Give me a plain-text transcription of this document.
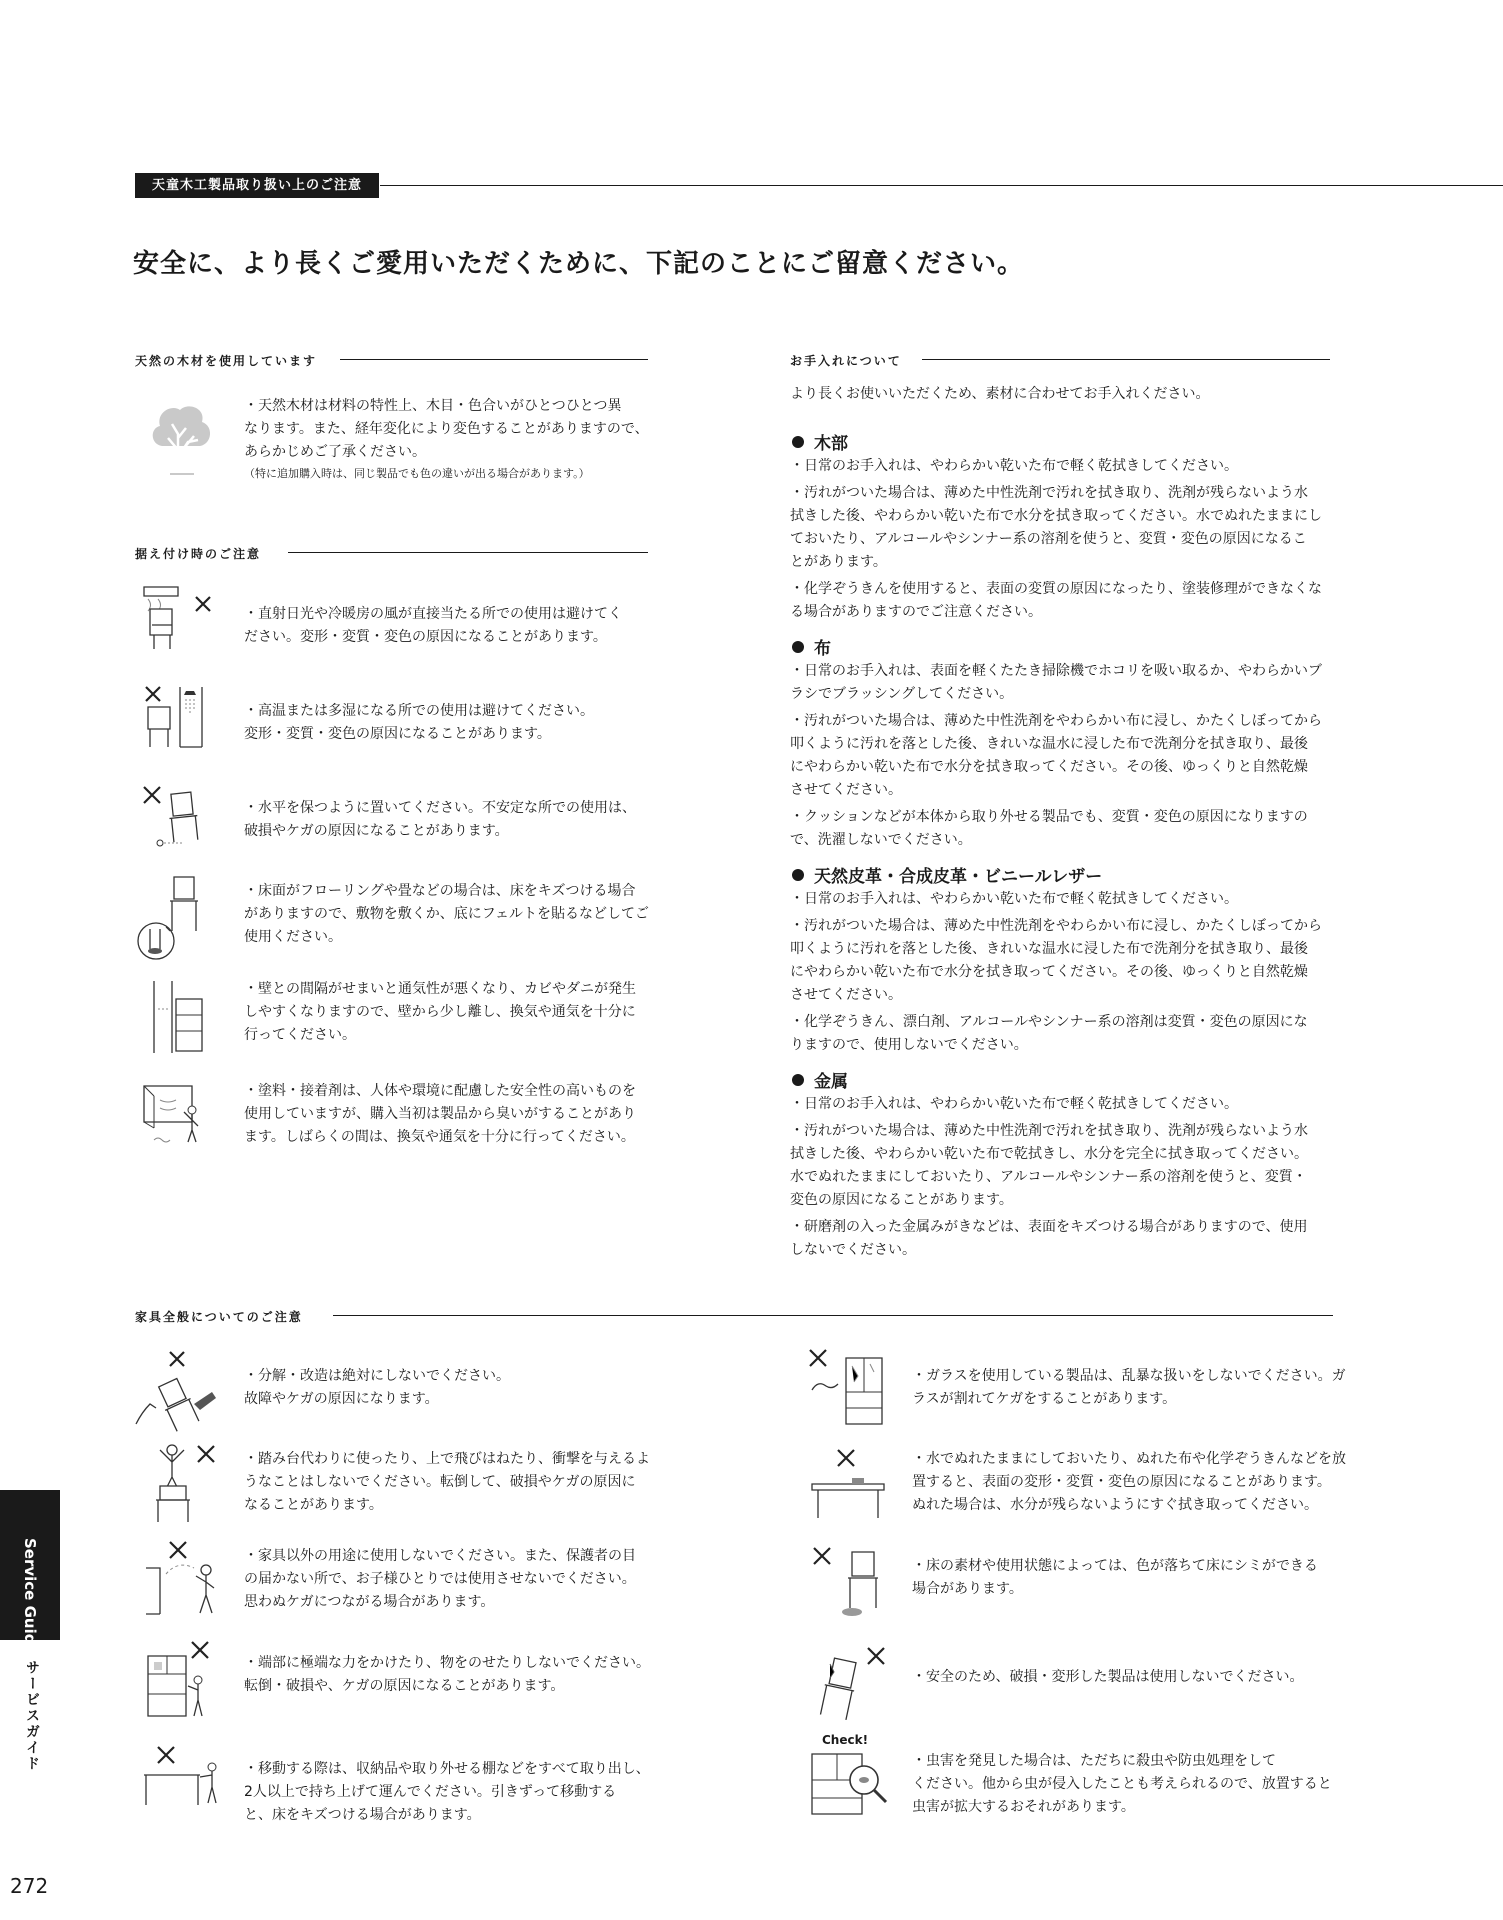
天童木工製品取り扱い上のご注意
安全に、より長くご愛用いただくために、下記のことにご留意ください。
天然の木材を使用しています
・天然木材は材料の特性上、木目・色合いがひとつひとつ異
なります。また、経年変化により変色することがありますので、
あらかじめご了承ください。
（特に追加購入時は、同じ製品でも色の違いが出る場合があります。）
据え付け時のご注意
・直射日光や冷暖房の風が直接当たる所での使用は避けてく
ださい。変形・変質・変色の原因になることがあります。
・高温または多湿になる所での使用は避けてください。
変形・変質・変色の原因になることがあります。
・水平を保つように置いてください。不安定な所での使用は、
破損やケガの原因になることがあります。
・床面がフローリングや畳などの場合は、床をキズつける場合
がありますので、敷物を敷くか、底にフェルトを貼るなどしてご
使用ください。
・壁との間隔がせまいと通気性が悪くなり、カビやダニが発生
しやすくなりますので、壁から少し離し、換気や通気を十分に
行ってください。
・塗料・接着剤は、人体や環境に配慮した安全性の高いものを
使用していますが、購入当初は製品から臭いがすることがあり
ます。しばらくの間は、換気や通気を十分に行ってください。
お手入れについて
より長くお使いいただくため、素材に合わせてお手入れください。
木部
・日常のお手入れは、やわらかい乾いた布で軽く乾拭きしてください。
・汚れがついた場合は、薄めた中性洗剤で汚れを拭き取り、洗剤が残らないよう水
拭きした後、やわらかい乾いた布で水分を拭き取ってください。水でぬれたままにし
ておいたり、アルコールやシンナー系の溶剤を使うと、変質・変色の原因になるこ
とがあります。
・化学ぞうきんを使用すると、表面の変質の原因になったり、塗装修理ができなくな
る場合がありますのでご注意ください。
布
・日常のお手入れは、表面を軽くたたき掃除機でホコリを吸い取るか、やわらかいブ
ラシでブラッシングしてください。
・汚れがついた場合は、薄めた中性洗剤をやわらかい布に浸し、かたくしぼってから
叩くように汚れを落とした後、きれいな温水に浸した布で洗剤分を拭き取り、最後
にやわらかい乾いた布で水分を拭き取ってください。その後、ゆっくりと自然乾燥
させてください。
・クッションなどが本体から取り外せる製品でも、変質・変色の原因になりますの
で、洗濯しないでください。
天然皮革・合成皮革・ビニールレザー
・日常のお手入れは、やわらかい乾いた布で軽く乾拭きしてください。
・汚れがついた場合は、薄めた中性洗剤をやわらかい布に浸し、かたくしぼってから
叩くように汚れを落とした後、きれいな温水に浸した布で洗剤分を拭き取り、最後
にやわらかい乾いた布で水分を拭き取ってください。その後、ゆっくりと自然乾燥
させてください。
・化学ぞうきん、漂白剤、アルコールやシンナー系の溶剤は変質・変色の原因にな
りますので、使用しないでください。
金属
・日常のお手入れは、やわらかい乾いた布で軽く乾拭きしてください。
・汚れがついた場合は、薄めた中性洗剤で汚れを拭き取り、洗剤が残らないよう水
拭きした後、やわらかい乾いた布で乾拭きし、水分を完全に拭き取ってください。
水でぬれたままにしておいたり、アルコールやシンナー系の溶剤を使うと、変質・
変色の原因になることがあります。
・研磨剤の入った金属みがきなどは、表面をキズつける場合がありますので、使用
しないでください。
家具全般についてのご注意
・分解・改造は絶対にしないでください。
故障やケガの原因になります。
・踏み台代わりに使ったり、上で飛びはねたり、衝撃を与えるよ
うなことはしないでください。転倒して、破損やケガの原因に
なることがあります。
・家具以外の用途に使用しないでください。また、保護者の目
の届かない所で、お子様ひとりでは使用させないでください。
思わぬケガにつながる場合があります。
・端部に極端な力をかけたり、物をのせたりしないでください。
転倒・破損や、ケガの原因になることがあります。
・移動する際は、収納品や取り外せる棚などをすべて取り出し、
2人以上で持ち上げて運んでください。引きずって移動する
と、床をキズつける場合があります。
・ガラスを使用している製品は、乱暴な扱いをしないでください。ガ
ラスが割れてケガをすることがあります。
・水でぬれたままにしておいたり、ぬれた布や化学ぞうきんなどを放
置すると、表面の変形・変質・変色の原因になることがあります。
ぬれた場合は、水分が残らないようにすぐ拭き取ってください。
・床の素材や使用状態によっては、色が落ちて床にシミができる
場合があります。
・安全のため、破損・変形した製品は使用しないでください。
Check!
・虫害を発見した場合は、ただちに殺虫や防虫処理をして
ください。他から虫が侵入したことも考えられるので、放置すると
虫害が拡大するおそれがあります。
サービスガイド
272
